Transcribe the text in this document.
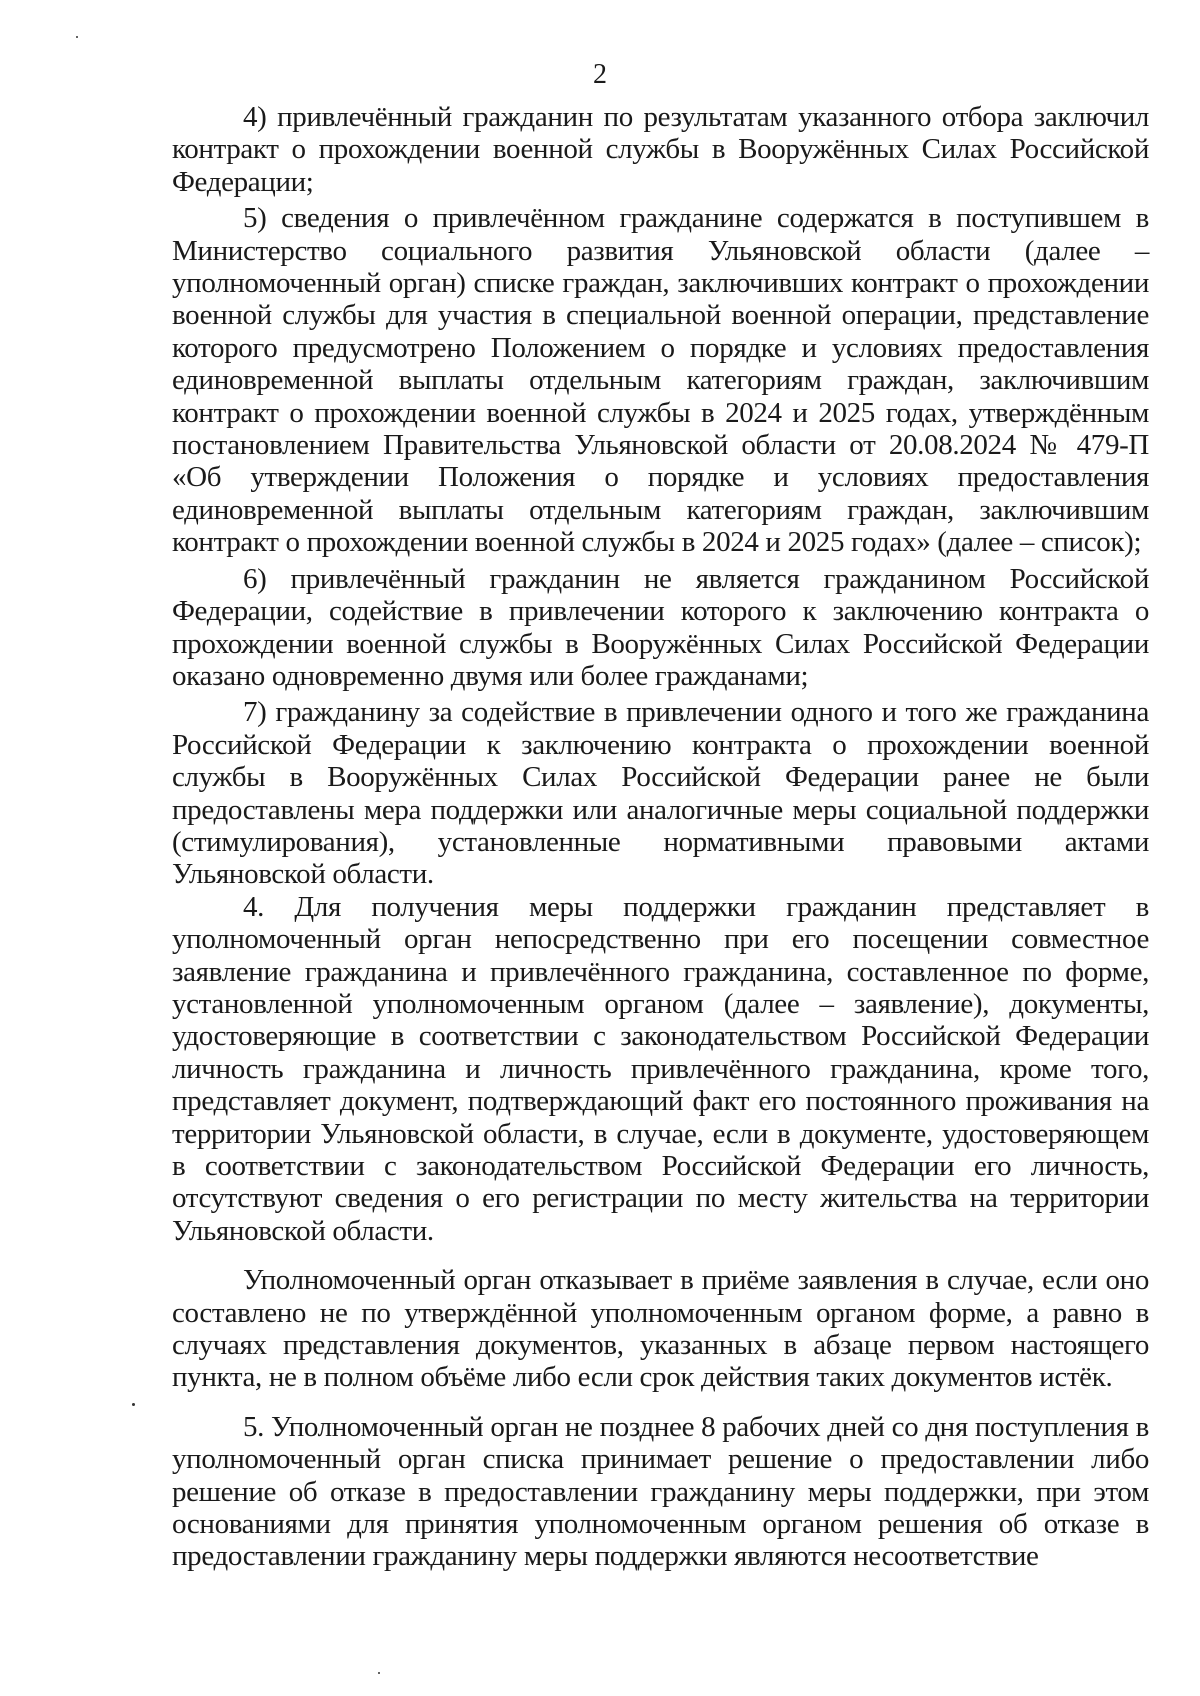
2

4) привлечённый гражданин по результатам указанного отбора заключил контракт о прохождении военной службы в Вооружённых Силах Российской Федерации;

5) сведения о привлечённом гражданине содержатся в поступившем в Министерство социального развития Ульяновской области (далее – уполномоченный орган) списке граждан, заключивших контракт о прохождении военной службы для участия в специальной военной операции, представление которого предусмотрено Положением о порядке и условиях предоставления единовременной выплаты отдельным категориям граждан, заключившим контракт о прохождении военной службы в 2024 и 2025 годах, утверждённым постановлением Правительства Ульяновской области от 20.08.2024 № 479-П «Об утверждении Положения о порядке и условиях предоставления единовременной выплаты отдельным категориям граждан, заключившим контракт о прохождении военной службы в 2024 и 2025 годах» (далее – список);

6) привлечённый гражданин не является гражданином Российской Федерации, содействие в привлечении которого к заключению контракта о прохождении военной службы в Вооружённых Силах Российской Федерации оказано одновременно двумя или более гражданами;

7) гражданину за содействие в привлечении одного и того же гражданина Российской Федерации к заключению контракта о прохождении военной службы в Вооружённых Силах Российской Федерации ранее не были предоставлены мера поддержки или аналогичные меры социальной поддержки (стимулирования), установленные нормативными правовыми актами Ульяновской области.

4. Для получения меры поддержки гражданин представляет в уполномоченный орган непосредственно при его посещении совместное заявление гражданина и привлечённого гражданина, составленное по форме, установленной уполномоченным органом (далее – заявление), документы, удостоверяющие в соответствии с законодательством Российской Федерации личность гражданина и личность привлечённого гражданина, кроме того, представляет документ, подтверждающий факт его постоянного проживания на территории Ульяновской области, в случае, если в документе, удостоверяющем в соответствии с законодательством Российской Федерации его личность, отсутствуют сведения о его регистрации по месту жительства на территории Ульяновской области.

Уполномоченный орган отказывает в приёме заявления в случае, если оно составлено не по утверждённой уполномоченным органом форме, а равно в случаях представления документов, указанных в абзаце первом настоящего пункта, не в полном объёме либо если срок действия таких документов истёк.

5. Уполномоченный орган не позднее 8 рабочих дней со дня поступления в уполномоченный орган списка принимает решение о предоставлении либо решение об отказе в предоставлении гражданину меры поддержки, при этом основаниями для принятия уполномоченным органом решения об отказе в предоставлении гражданину меры поддержки являются несоответствие
